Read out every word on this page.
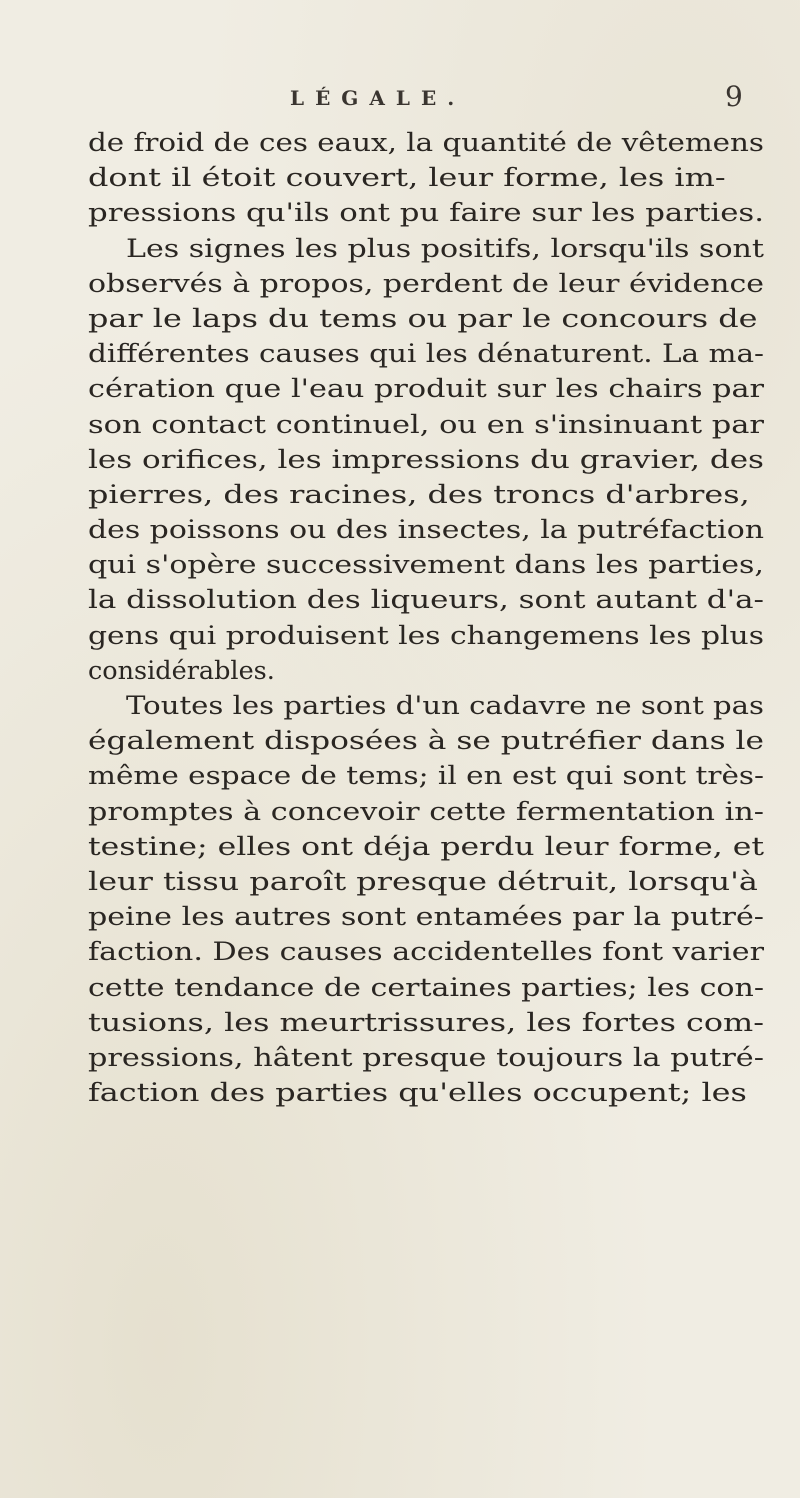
LÉGALE.	9
de froid de ces eaux, la quantité de vêtemens
dont il étoit couvert, leur forme, les im-
pressions qu'ils ont pu faire sur les parties.
Les signes les plus positifs, lorsqu'ils sont
observés à propos, perdent de leur évidence
par le laps du tems ou par le concours de
différentes causes qui les dénaturent. La ma-
cération que l'eau produit sur les chairs par
son contact continuel, ou en s'insinuant par
les orifices, les impressions du gravier, des
pierres, des racines, des troncs d'arbres,
des poissons ou des insectes, la putréfaction
qui s'opère successivement dans les parties,
la dissolution des liqueurs, sont autant d'a-
gens qui produisent les changemens les plus
considérables.
Toutes les parties d'un cadavre ne sont pas
également disposées à se putréfier dans le
même espace de tems; il en est qui sont très-
promptes à concevoir cette fermentation in-
testine; elles ont déja perdu leur forme, et
leur tissu paroît presque détruit, lorsqu'à
peine les autres sont entamées par la putré-
faction. Des causes accidentelles font varier
cette tendance de certaines parties; les con-
tusions, les meurtrissures, les fortes com-
pressions, hâtent presque toujours la putré-
faction des parties qu'elles occupent; les
